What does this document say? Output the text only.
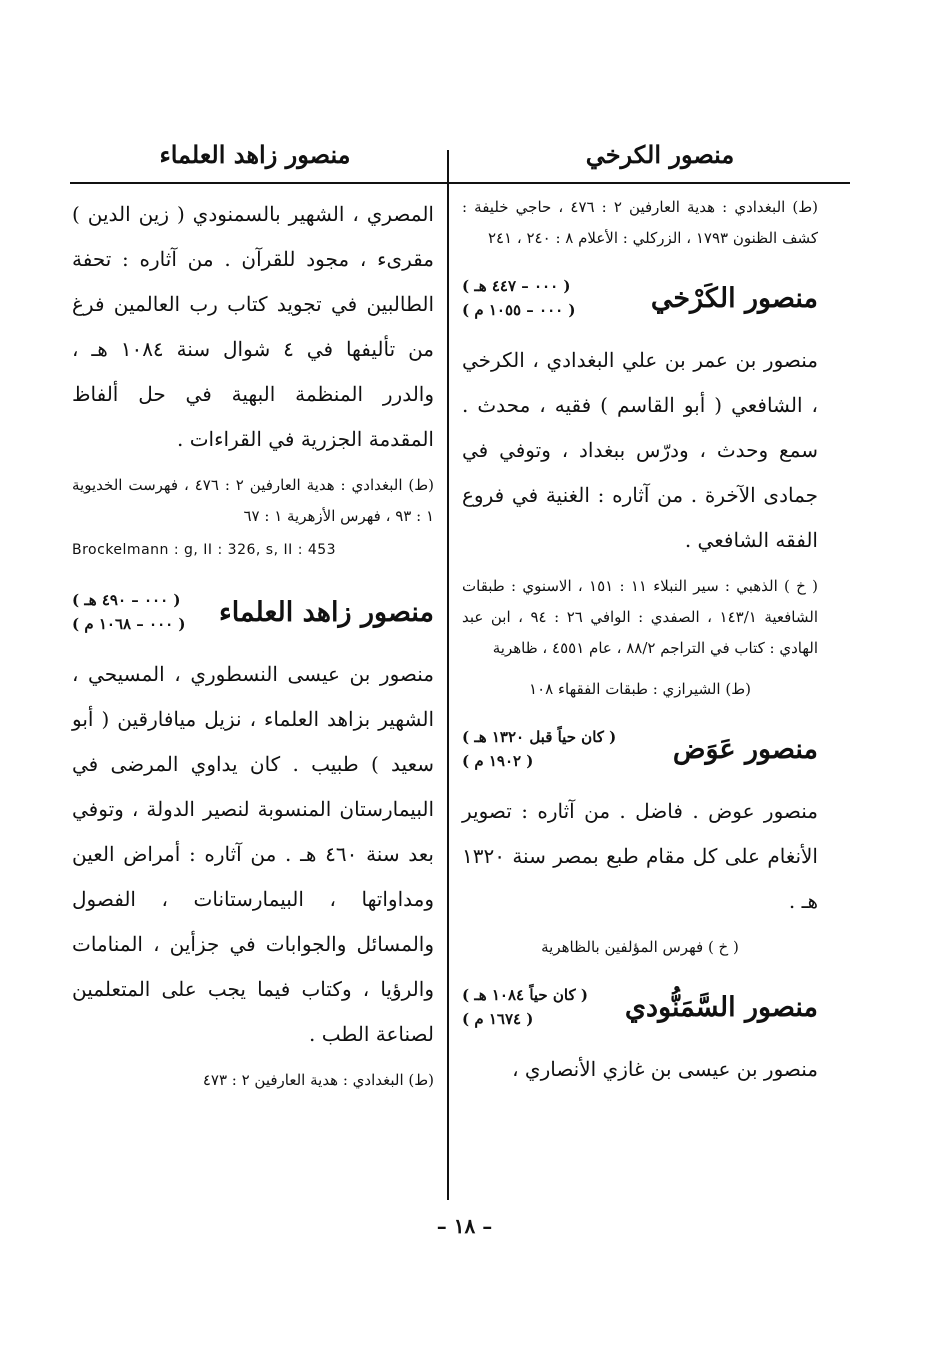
منصور الكرخي
منصور زاهد العلماء

(ط) البغدادي : هدية العارفين ٢ : ٤٧٦ ، حاجي خليفة : كشف الظنون ١٧٩٣ ، الزركلي : الأعلام ٨ : ٢٤٠ ، ٢٤١

منصور الكَرْخي
( ٠٠٠ – ٤٤٧ هـ )
( ٠٠٠ – ١٠٥٥ م )

منصور بن عمر بن علي البغدادي ، الكرخي ، الشافعي ( أبو القاسم ) فقيه ، محدث . سمع وحدث ، ودرّس ببغداد ، وتوفي في جمادى الآخرة . من آثاره : الغنية في فروع الفقه الشافعي .

( خ ) الذهبي : سير النبلاء ١١ : ١٥١ ، الاسنوي : طبقات الشافعية ١٤٣/١ ، الصفدي : الوافي ٢٦ : ٩٤ ، ابن عبد الهادي : كتاب في التراجم ٨٨/٢ ، عام ٤٥٥١ ، ظاهرية

(ط) الشيرازي : طبقات الفقهاء ١٠٨

منصور عَوَض
( كان حياً قبل ١٣٢٠ هـ )
( ١٩٠٢ م )

منصور عوض . فاضل . من آثاره : تصوير الأنغام على كل مقام طبع بمصر سنة ١٣٢٠ هـ .

( خ ) فهرس المؤلفين بالظاهرية

منصور السَّمَنُّودي
( كان حياً ١٠٨٤ هـ )
( ١٦٧٤ م )

منصور بن عيسى بن غازي الأنصاري ،

المصري ، الشهير بالسمنودي ( زين الدين ) مقرىء ، مجود للقرآن . من آثاره : تحفة الطالبين في تجويد كتاب رب العالمين فرغ من تأليفها في ٤ شوال سنة ١٠٨٤ هـ ، والدرر المنظمة البهية في حل ألفاظ المقدمة الجزرية في القراءات .

(ط) البغدادي : هدية العارفين ٢ : ٤٧٦ ، فهرست الخديوية ١ : ٩٣ ، فهرس الأزهرية ١ : ٦٧

Brockelmann : g, II : 326, s, II : 453

منصور زاهد العلماء
( ٠٠٠ – ٤٩٠ هـ )
( ٠٠٠ – ١٠٦٨ م )

منصور بن عيسى النسطوري ، المسيحي ، الشهير بزاهد العلماء ، نزيل ميافارقين ( أبو سعيد ) طبيب . كان يداوي المرضى في البيمارستان المنسوبة لنصير الدولة ، وتوفي بعد سنة ٤٦٠ هـ . من آثاره : أمراض العين ومداواتها ، البيمارستانات ، الفصول والمسائل والجوابات في جزأين ، المنامات والرؤيا ، وكتاب فيما يجب على المتعلمين لصناعة الطب .

(ط) البغدادي : هدية العارفين ٢ : ٤٧٣

– ١٨ –
